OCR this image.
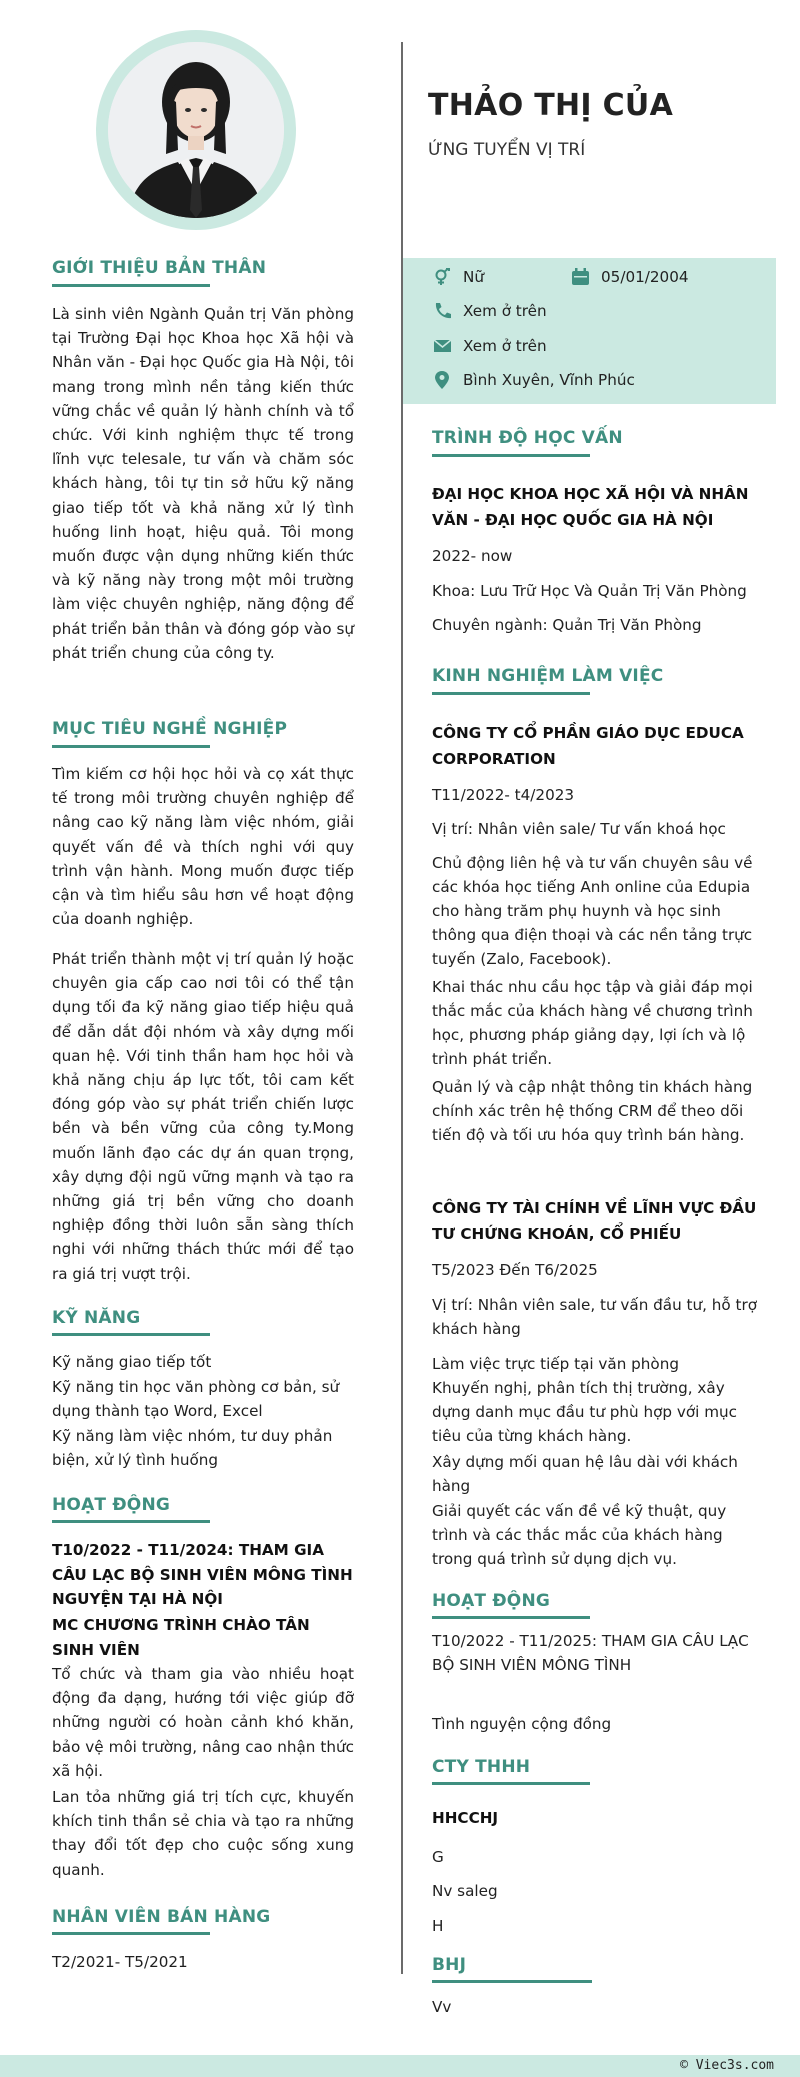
GIỚI THIỆU BẢN THÂN
Là sinh viên Ngành Quản trị Văn phòng tại Trường Đại học Khoa học Xã hội và Nhân văn - Đại học Quốc gia Hà Nội, tôi mang trong mình nền tảng kiến thức vững chắc về quản lý hành chính và tổ chức. Với kinh nghiệm thực tế trong lĩnh vực telesale, tư vấn và chăm sóc khách hàng, tôi tự tin sở hữu kỹ năng giao tiếp tốt và khả năng xử lý tình huống linh hoạt, hiệu quả. Tôi mong muốn được vận dụng những kiến thức và kỹ năng này trong một môi trường làm việc chuyên nghiệp, năng động để phát triển bản thân và đóng góp vào sự phát triển chung của công ty.
MỤC TIÊU NGHỀ NGHIỆP
Tìm kiếm cơ hội học hỏi và cọ xát thực tế trong môi trường chuyên nghiệp để nâng cao kỹ năng làm việc nhóm, giải quyết vấn đề và thích nghi với quy trình vận hành. Mong muốn được tiếp cận và tìm hiểu sâu hơn về hoạt động của doanh nghiệp.
Phát triển thành một vị trí quản lý hoặc chuyên gia cấp cao nơi tôi có thể tận dụng tối đa kỹ năng giao tiếp hiệu quả để dẫn dắt đội nhóm và xây dựng mối quan hệ. Với tinh thần ham học hỏi và khả năng chịu áp lực tốt, tôi cam kết đóng góp vào sự phát triển chiến lược bền và bền vững của công ty.Mong muốn lãnh đạo các dự án quan trọng, xây dựng đội ngũ vững mạnh và tạo ra những giá trị bền vững cho doanh nghiệp đồng thời luôn sẵn sàng thích nghi với những thách thức mới để tạo ra giá trị vượt trội.
KỸ NĂNG
Kỹ năng giao tiếp tốt
Kỹ năng tin học văn phòng cơ bản, sử dụng thành tạo Word, Excel
Kỹ năng làm việc nhóm, tư duy phản biện, xử lý tình huống
HOẠT ĐỘNG
T10/2022 - T11/2024: THAM GIA CÂU LẠC BỘ SINH VIÊN MÔNG TÌNH NGUYỆN TẠI HÀ NỘI
MC CHƯƠNG TRÌNH CHÀO TÂN SINH VIÊN
Tổ chức và tham gia vào nhiều hoạt động đa dạng, hướng tới việc giúp đỡ những người có hoàn cảnh khó khăn, bảo vệ môi trường, nâng cao nhận thức xã hội.
Lan tỏa những giá trị tích cực, khuyến khích tinh thần sẻ chia và tạo ra những thay đổi tốt đẹp cho cuộc sống xung quanh.
NHÂN VIÊN BÁN HÀNG
T2/2021- T5/2021
THẢO THỊ CỦA
ỨNG TUYỂN VỊ TRÍ
Nữ	05/01/2004
Xem ở trên
Xem ở trên
Bình Xuyên, Vĩnh Phúc
TRÌNH ĐỘ HỌC VẤN
ĐẠI HỌC KHOA HỌC XÃ HỘI VÀ NHÂN VĂN - ĐẠI HỌC QUỐC GIA HÀ NỘI
2022- now
Khoa: Lưu Trữ Học Và Quản Trị Văn Phòng
Chuyên ngành: Quản Trị Văn Phòng
KINH NGHIỆM LÀM VIỆC
CÔNG TY CỔ PHẦN GIÁO DỤC EDUCA CORPORATION
T11/2022- t4/2023
Vị trí: Nhân viên sale/ Tư vấn khoá học
Chủ động liên hệ và tư vấn chuyên sâu về các khóa học tiếng Anh online của Edupia cho hàng trăm phụ huynh và học sinh thông qua điện thoại và các nền tảng trực tuyến (Zalo, Facebook).
Khai thác nhu cầu học tập và giải đáp mọi thắc mắc của khách hàng về chương trình học, phương pháp giảng dạy, lợi ích và lộ trình phát triển.
Quản lý và cập nhật thông tin khách hàng chính xác trên hệ thống CRM để theo dõi tiến độ và tối ưu hóa quy trình bán hàng.
CÔNG TY TÀI CHÍNH VỀ LĨNH VỰC ĐẦU TƯ CHỨNG KHOÁN, CỔ PHIẾU
T5/2023 Đến T6/2025
Vị trí: Nhân viên sale, tư vấn đầu tư, hỗ trợ khách hàng
Làm việc trực tiếp tại văn phòng
Khuyến nghị, phân tích thị trường, xây dựng danh mục đầu tư phù hợp với mục tiêu của từng khách hàng.
Xây dựng mối quan hệ lâu dài với khách hàng
Giải quyết các vấn đề về kỹ thuật, quy trình và các thắc mắc của khách hàng trong quá trình sử dụng dịch vụ.
HOẠT ĐỘNG
T10/2022 - T11/2025: THAM GIA CÂU LẠC BỘ SINH VIÊN MÔNG TÌNH
Tình nguyện cộng đồng
CTY THHH
HHCCHJ
G
Nv saleg
H
BHJ
Vv
© Viec3s.com
